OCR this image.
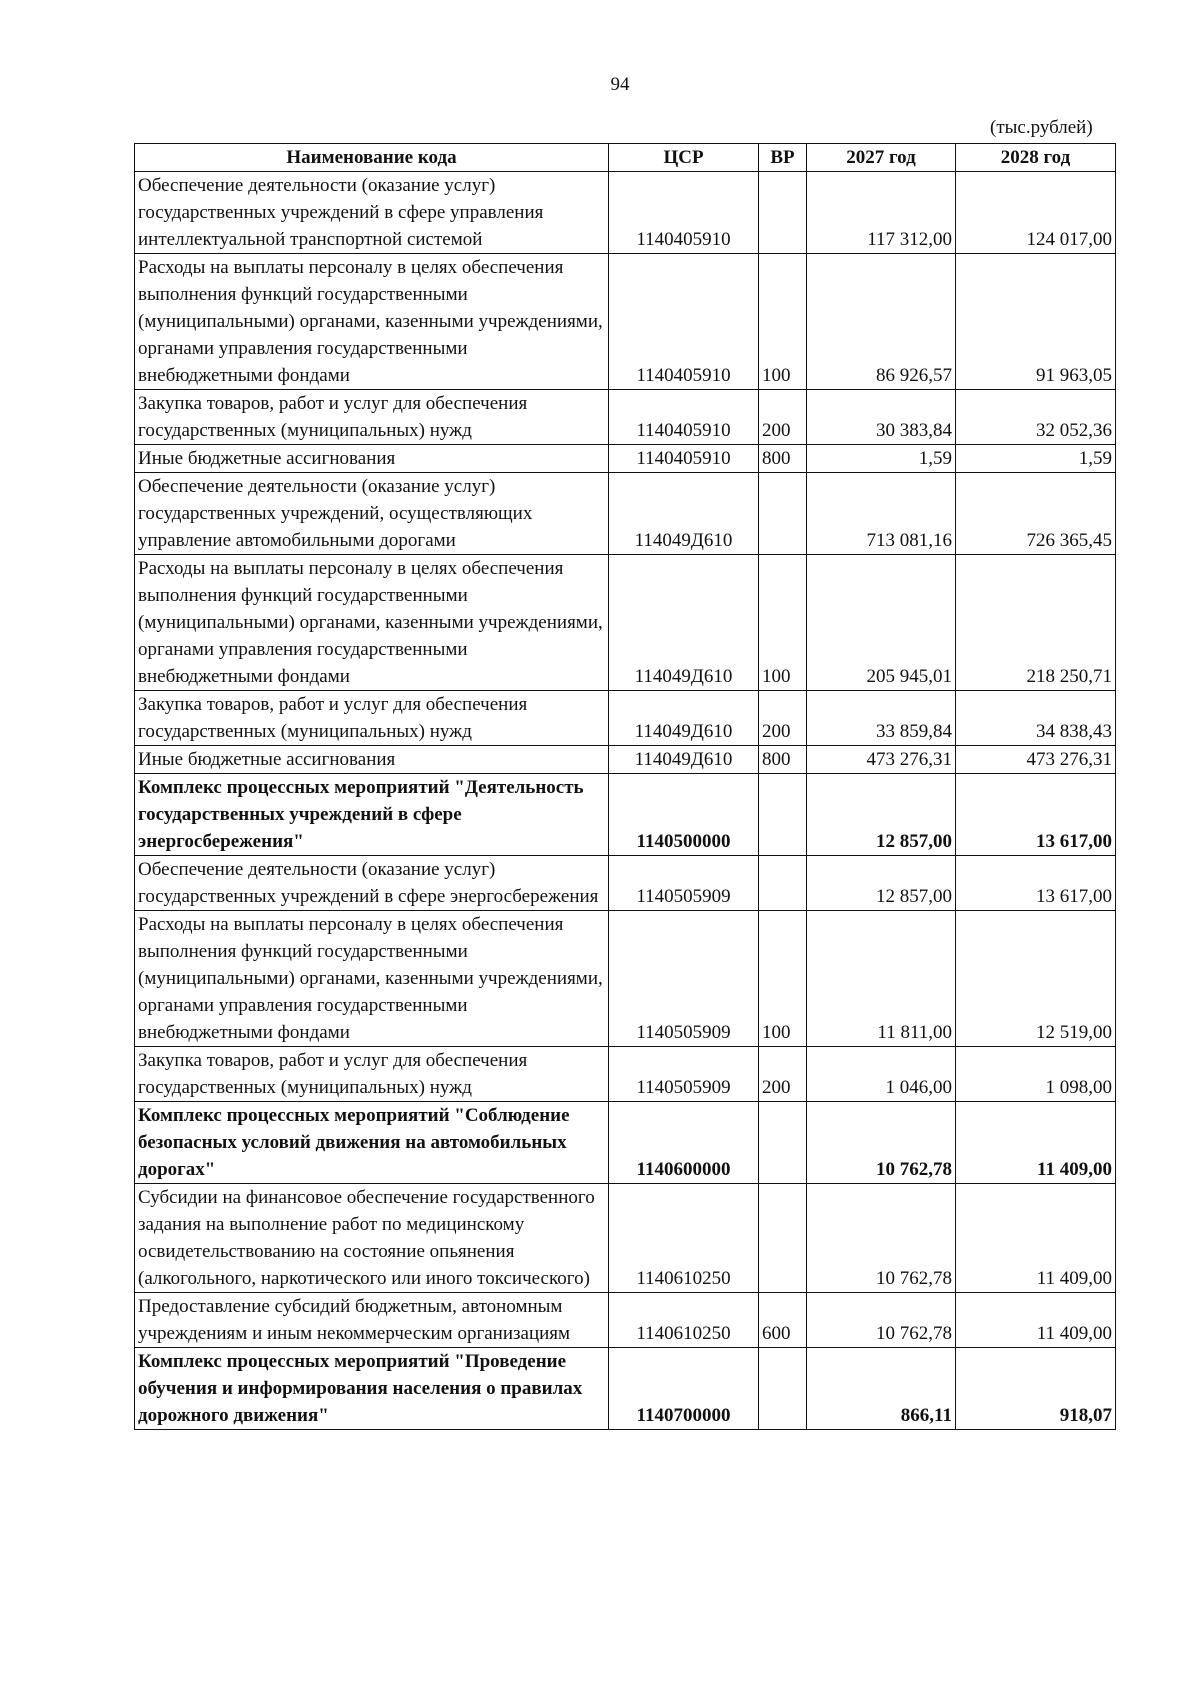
94
(тыс.рублей)
Наименование кода	ЦСР	ВР	2027 год	2028 год
Обеспечение деятельности (оказание услуг) государственных учреждений в сфере управления интеллектуальной транспортной системой	1140405910		117 312,00	124 017,00
Расходы на выплаты персоналу в целях обеспечения выполнения функций государственными (муниципальными) органами, казенными учреждениями, органами управления государственными внебюджетными фондами	1140405910	100	86 926,57	91 963,05
Закупка товаров, работ и услуг для обеспечения государственных (муниципальных) нужд	1140405910	200	30 383,84	32 052,36
Иные бюджетные ассигнования	1140405910	800	1,59	1,59
Обеспечение деятельности (оказание услуг) государственных учреждений, осуществляющих управление автомобильными дорогами	114049Д610		713 081,16	726 365,45
Расходы на выплаты персоналу в целях обеспечения выполнения функций государственными (муниципальными) органами, казенными учреждениями, органами управления государственными внебюджетными фондами	114049Д610	100	205 945,01	218 250,71
Закупка товаров, работ и услуг для обеспечения государственных (муниципальных) нужд	114049Д610	200	33 859,84	34 838,43
Иные бюджетные ассигнования	114049Д610	800	473 276,31	473 276,31
Комплекс процессных мероприятий "Деятельность государственных учреждений в сфере энергосбережения"	1140500000		12 857,00	13 617,00
Обеспечение деятельности (оказание услуг) государственных учреждений в сфере энергосбережения	1140505909		12 857,00	13 617,00
Расходы на выплаты персоналу в целях обеспечения выполнения функций государственными (муниципальными) органами, казенными учреждениями, органами управления государственными внебюджетными фондами	1140505909	100	11 811,00	12 519,00
Закупка товаров, работ и услуг для обеспечения государственных (муниципальных) нужд	1140505909	200	1 046,00	1 098,00
Комплекс процессных мероприятий "Соблюдение безопасных условий движения на автомобильных дорогах"	1140600000		10 762,78	11 409,00
Субсидии на финансовое обеспечение государственного задания на выполнение работ по медицинскому освидетельствованию на состояние опьянения (алкогольного, наркотического или иного токсического)	1140610250		10 762,78	11 409,00
Предоставление субсидий бюджетным, автономным учреждениям и иным некоммерческим организациям	1140610250	600	10 762,78	11 409,00
Комплекс процессных мероприятий "Проведение обучения и информирования населения о правилах дорожного движения"	1140700000		866,11	918,07
